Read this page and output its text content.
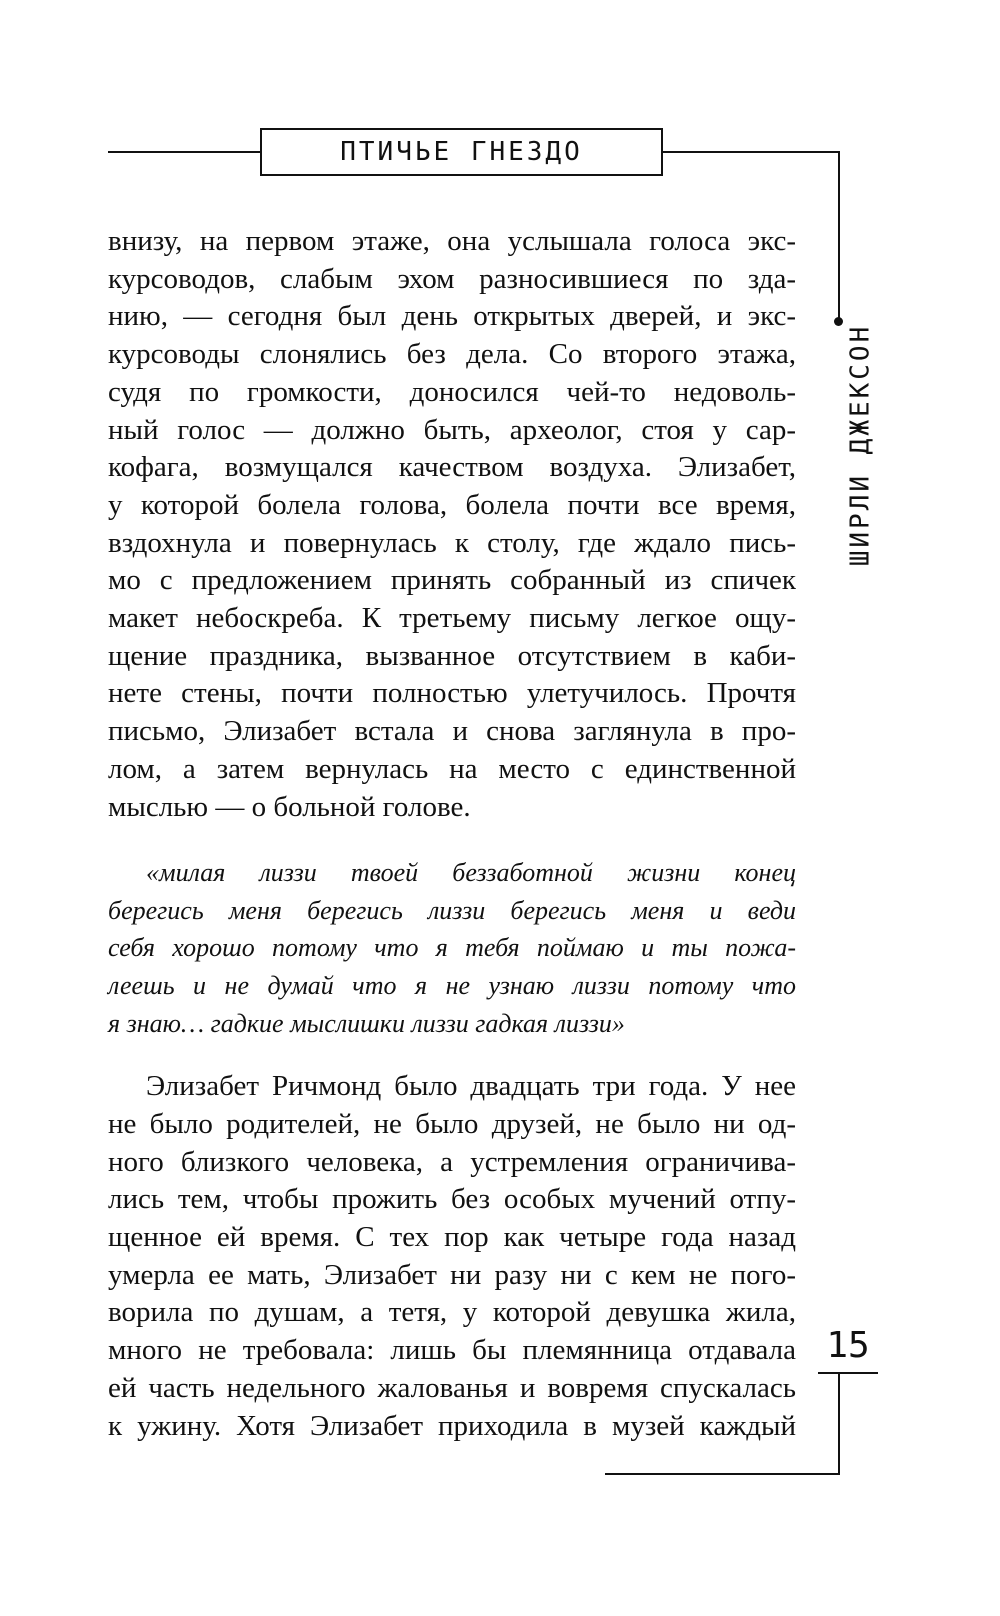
ПТИЧЬЕ ГНЕЗДО
ШИРЛИ ДЖЕКСОН
15

внизу, на первом этаже, она услышала голоса экс-
курсоводов, слабым эхом разносившиеся по зда-
нию, — сегодня был день открытых дверей, и экс-
курсоводы слонялись без дела. Со второго этажа,
судя по громкости, доносился чей-то недоволь-
ный голос — должно быть, археолог, стоя у сар-
кофага, возмущался качеством воздуха. Элизабет,
у которой болела голова, болела почти все время,
вздохнула и повернулась к столу, где ждало пись-
мо с предложением принять собранный из спичек
макет небоскреба. К третьему письму легкое ощу-
щение праздника, вызванное отсутствием в каби-
нете стены, почти полностью улетучилось. Прочтя
письмо, Элизабет встала и снова заглянула в про-
лом, а затем вернулась на место с единственной
мыслью — о больной голове.

«милая лиззи твоей беззаботной жизни конец
берегись меня берегись лиззи берегись меня и веди
себя хорошо потому что я тебя поймаю и ты пожа-
леешь и не думай что я не узнаю лиззи потому что
я знаю… гадкие мыслишки лиззи гадкая лиззи»

Элизабет Ричмонд было двадцать три года. У нее
не было родителей, не было друзей, не было ни од-
ного близкого человека, а устремления ограничива-
лись тем, чтобы прожить без особых мучений отпу-
щенное ей время. С тех пор как четыре года назад
умерла ее мать, Элизабет ни разу ни с кем не пого-
ворила по душам, а тетя, у которой девушка жила,
много не требовала: лишь бы племянница отдавала
ей часть недельного жалованья и вовремя спускалась
к ужину. Хотя Элизабет приходила в музей каждый
